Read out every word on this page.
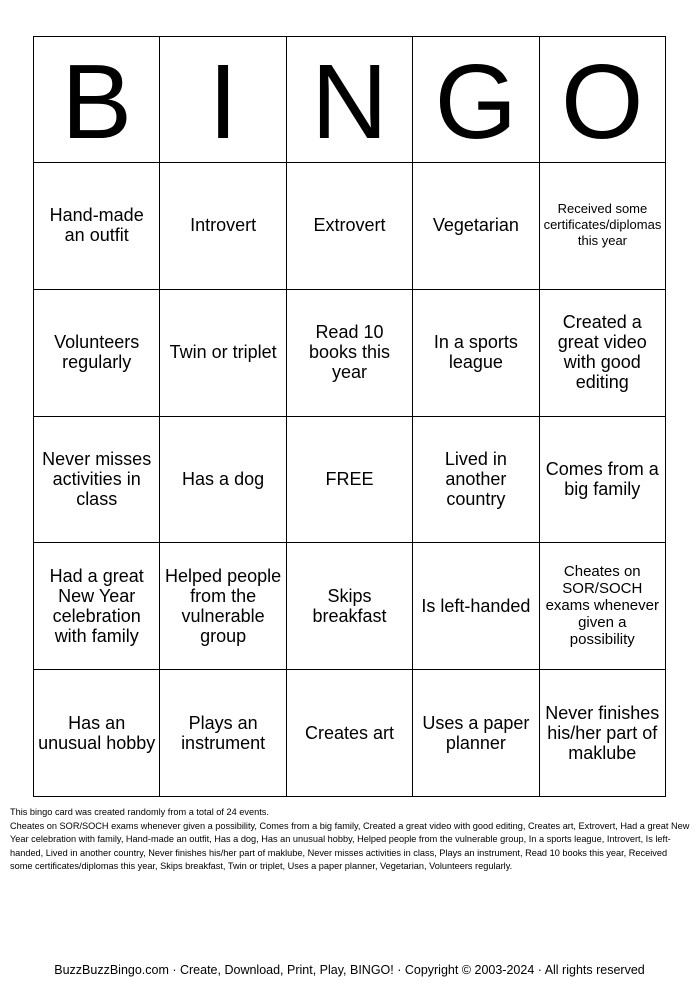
B	I	N	G	O
Hand-made an outfit	Introvert	Extrovert	Vegetarian	Received some certificates/diplomas this year
Volunteers regularly	Twin or triplet	Read 10 books this year	In a sports league	Created a great video with good editing
Never misses activities in class	Has a dog	FREE	Lived in another country	Comes from a big family
Had a great New Year celebration with family	Helped people from the vulnerable group	Skips breakfast	Is left-handed	Cheates on SOR/SOCH exams whenever given a possibility
Has an unusual hobby	Plays an instrument	Creates art	Uses a paper planner	Never finishes his/her part of maklube

This bingo card was created randomly from a total of 24 events.

Cheates on SOR/SOCH exams whenever given a possibility, Comes from a big family, Created a great video with good editing, Creates art, Extrovert, Had a great New Year celebration with family, Hand-made an outfit, Has a dog, Has an unusual hobby, Helped people from the vulnerable group, In a sports league, Introvert, Is left-handed, Lived in another country, Never finishes his/her part of maklube, Never misses activities in class, Plays an instrument, Read 10 books this year, Received some certificates/diplomas this year, Skips breakfast, Twin or triplet, Uses a paper planner, Vegetarian, Volunteers regularly.

BuzzBuzzBingo.com · Create, Download, Print, Play, BINGO! · Copyright © 2003-2024 · All rights reserved
